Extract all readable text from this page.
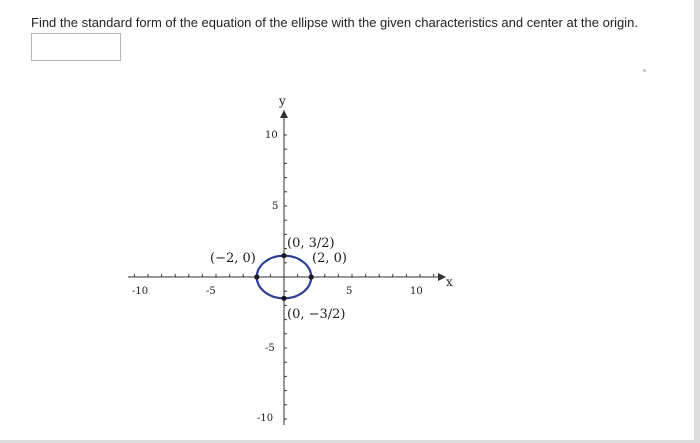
Find the standard form of the equation of the ellipse with the given characteristics and center at the origin.
x
y
-10	-5	5	10
10
5
-5
-10
(0, 3/2)
(2, 0)
(−2, 0)
(0, −3/2)
